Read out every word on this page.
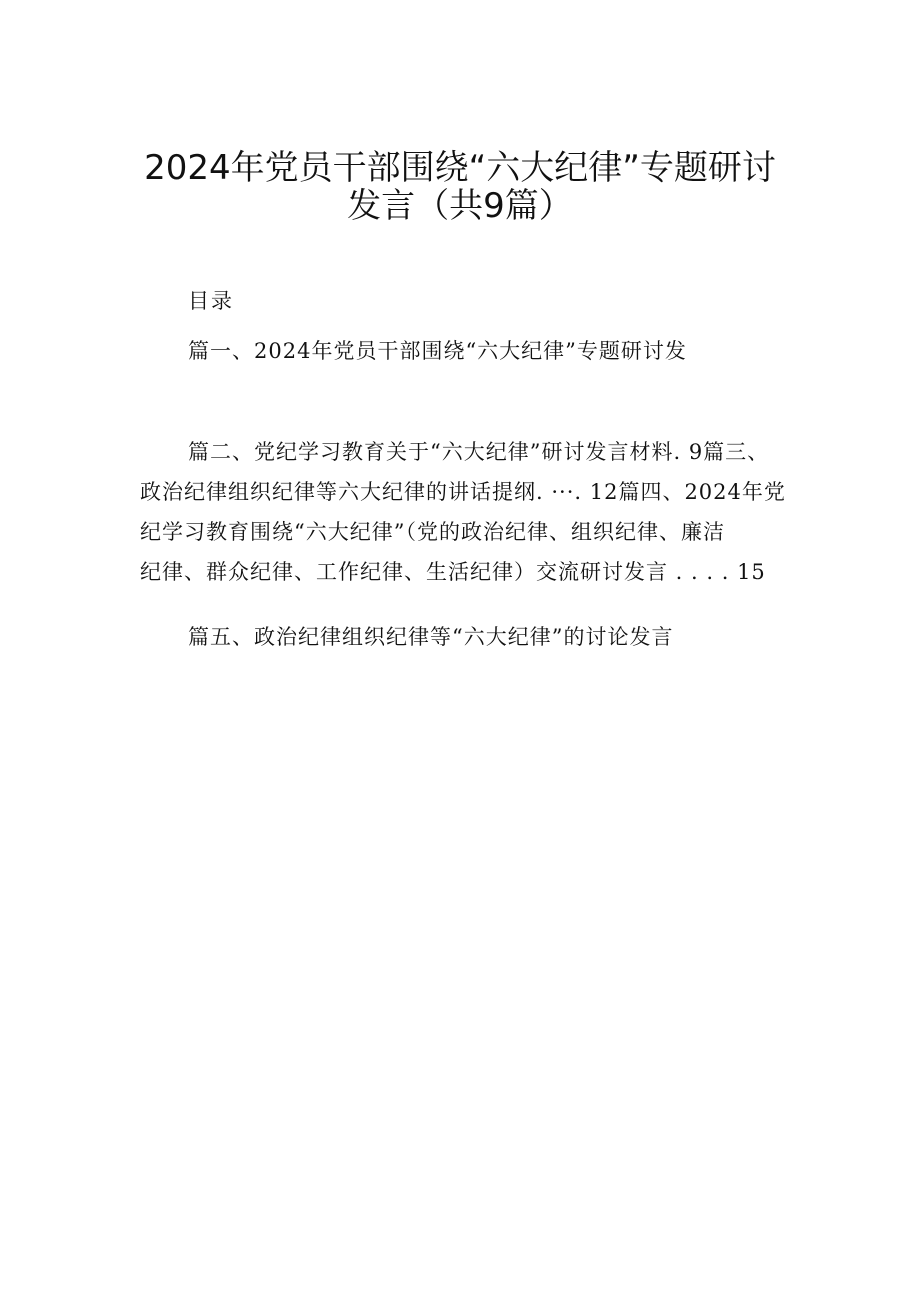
2024年党员干部围绕“六大纪律”专题研讨
发言（共9篇）
目录
篇一、2024年党员干部围绕“六大纪律”专题研讨发
篇二、党纪学习教育关于“六大纪律”研讨发言材料. 9篇三、
政治纪律组织纪律等六大纪律的讲话提纲. ···. 12篇四、2024年党
纪学习教育围绕“六大纪律”（党的政治纪律、组织纪律、廉洁
纪律、群众纪律、工作纪律、生活纪律）交流研讨发言 . . . . 15
篇五、政治纪律组织纪律等“六大纪律”的讨论发言
